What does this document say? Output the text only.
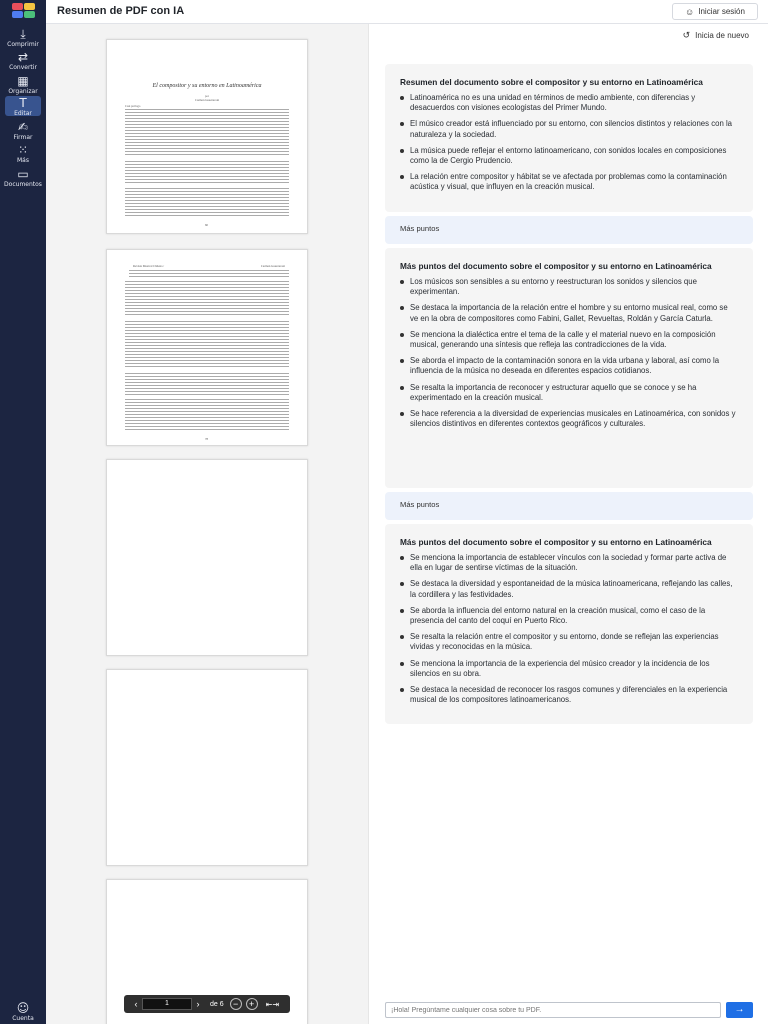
⤓
Comprimir
⇄
Convertir
▦
Organizar
T
Editar
✍
Firmar
⁙
Más
▭
Documentos
☺
Cuenta
Resumen de PDF con IA	☺ Iniciar sesión
El compositor y su entorno en Latinoamérica
por
Carmen Guazzaroni
Casi prólogo
60
Revista Musical Chilena /	Carmen Guazzaroni
78
‹	1	›	de 6	−	+	⇤⇥
↺ Inicia de nuevo
Resumen del documento sobre el compositor y su entorno en Latinoamérica
Latinoamérica no es una unidad en términos de medio ambiente, con diferencias y desacuerdos con visiones ecologistas del Primer Mundo.
El músico creador está influenciado por su entorno, con silencios distintos y relaciones con la naturaleza y la sociedad.
La música puede reflejar el entorno latinoamericano, con sonidos locales en composiciones como la de Cergio Prudencio.
La relación entre compositor y hábitat se ve afectada por problemas como la contaminación acústica y visual, que influyen en la creación musical.
Más puntos
Más puntos del documento sobre el compositor y su entorno en Latinoamérica
Los músicos son sensibles a su entorno y reestructuran los sonidos y silencios que experimentan.
Se destaca la importancia de la relación entre el hombre y su entorno musical real, como se ve en la obra de compositores como Fabini, Gallet, Revueltas, Roldán y García Caturla.
Se menciona la dialéctica entre el tema de la calle y el material nuevo en la composición musical, generando una síntesis que refleja las contradicciones de la vida.
Se aborda el impacto de la contaminación sonora en la vida urbana y laboral, así como la influencia de la música no deseada en diferentes espacios cotidianos.
Se resalta la importancia de reconocer y estructurar aquello que se conoce y se ha experimentado en la creación musical.
Se hace referencia a la diversidad de experiencias musicales en Latinoamérica, con sonidos y silencios distintivos en diferentes contextos geográficos y culturales.
Más puntos
Más puntos del documento sobre el compositor y su entorno en Latinoamérica
Se menciona la importancia de establecer vínculos con la sociedad y formar parte activa de ella en lugar de sentirse víctimas de la situación.
Se destaca la diversidad y espontaneidad de la música latinoamericana, reflejando las calles, la cordillera y las festividades.
Se aborda la influencia del entorno natural en la creación musical, como el caso de la presencia del canto del coquí en Puerto Rico.
Se resalta la relación entre el compositor y su entorno, donde se reflejan las experiencias vividas y reconocidas en la música.
Se menciona la importancia de la experiencia del músico creador y la incidencia de los silencios en su obra.
Se destaca la necesidad de reconocer los rasgos comunes y diferenciales en la experiencia musical de los compositores latinoamericanos.
¡Hola! Pregúntame cualquier cosa sobre tu PDF.
→
